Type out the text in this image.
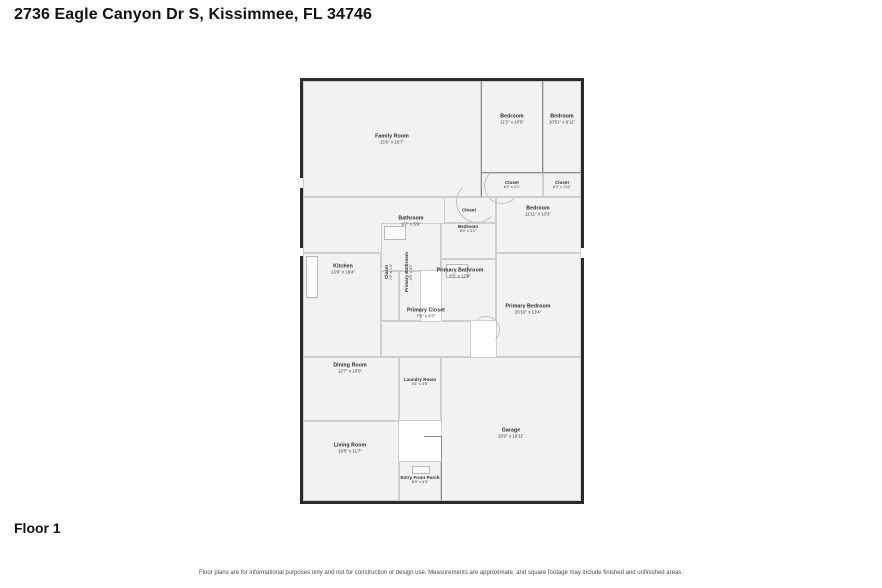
2736 Eagle Canyon Dr S, Kissimmee, FL 34746
Family Room
15'6" x 16'7"
Bedroom
11'5" x 10'5"
Bedroom
10'51" x 8'11"
Closet
8'2" x 2'1"
Closet
8'3" x 1'11"
Closet	Bedroom
11'11" x 10'3"
Bathroom
9'2" x 5'9"
Bedroom
5'9" x 3'1"
Kitchen
13'8" x 18'4"	Closet 7'2" x 1'4" Primary Bathroom 2'6" x 3'1"	Primary Bathroom
8'5" x 12'4"
Primary Bedroom
20'10" x 13'4"
Primary Closet
7'0" x 4'7"
Dining Room
12'7" x 10'0"
Laundry Room
5'1" x 3'6"
Garage
19'2" x 19'11"
Living Room
19'5" x 11'7"
Entry Front Porch
6'9" x 4'3"
Floor 1
Floor plans are for informational purposes only and not for construction or design use. Measurements are approximate, and square footage may include finished and unfinished areas.
